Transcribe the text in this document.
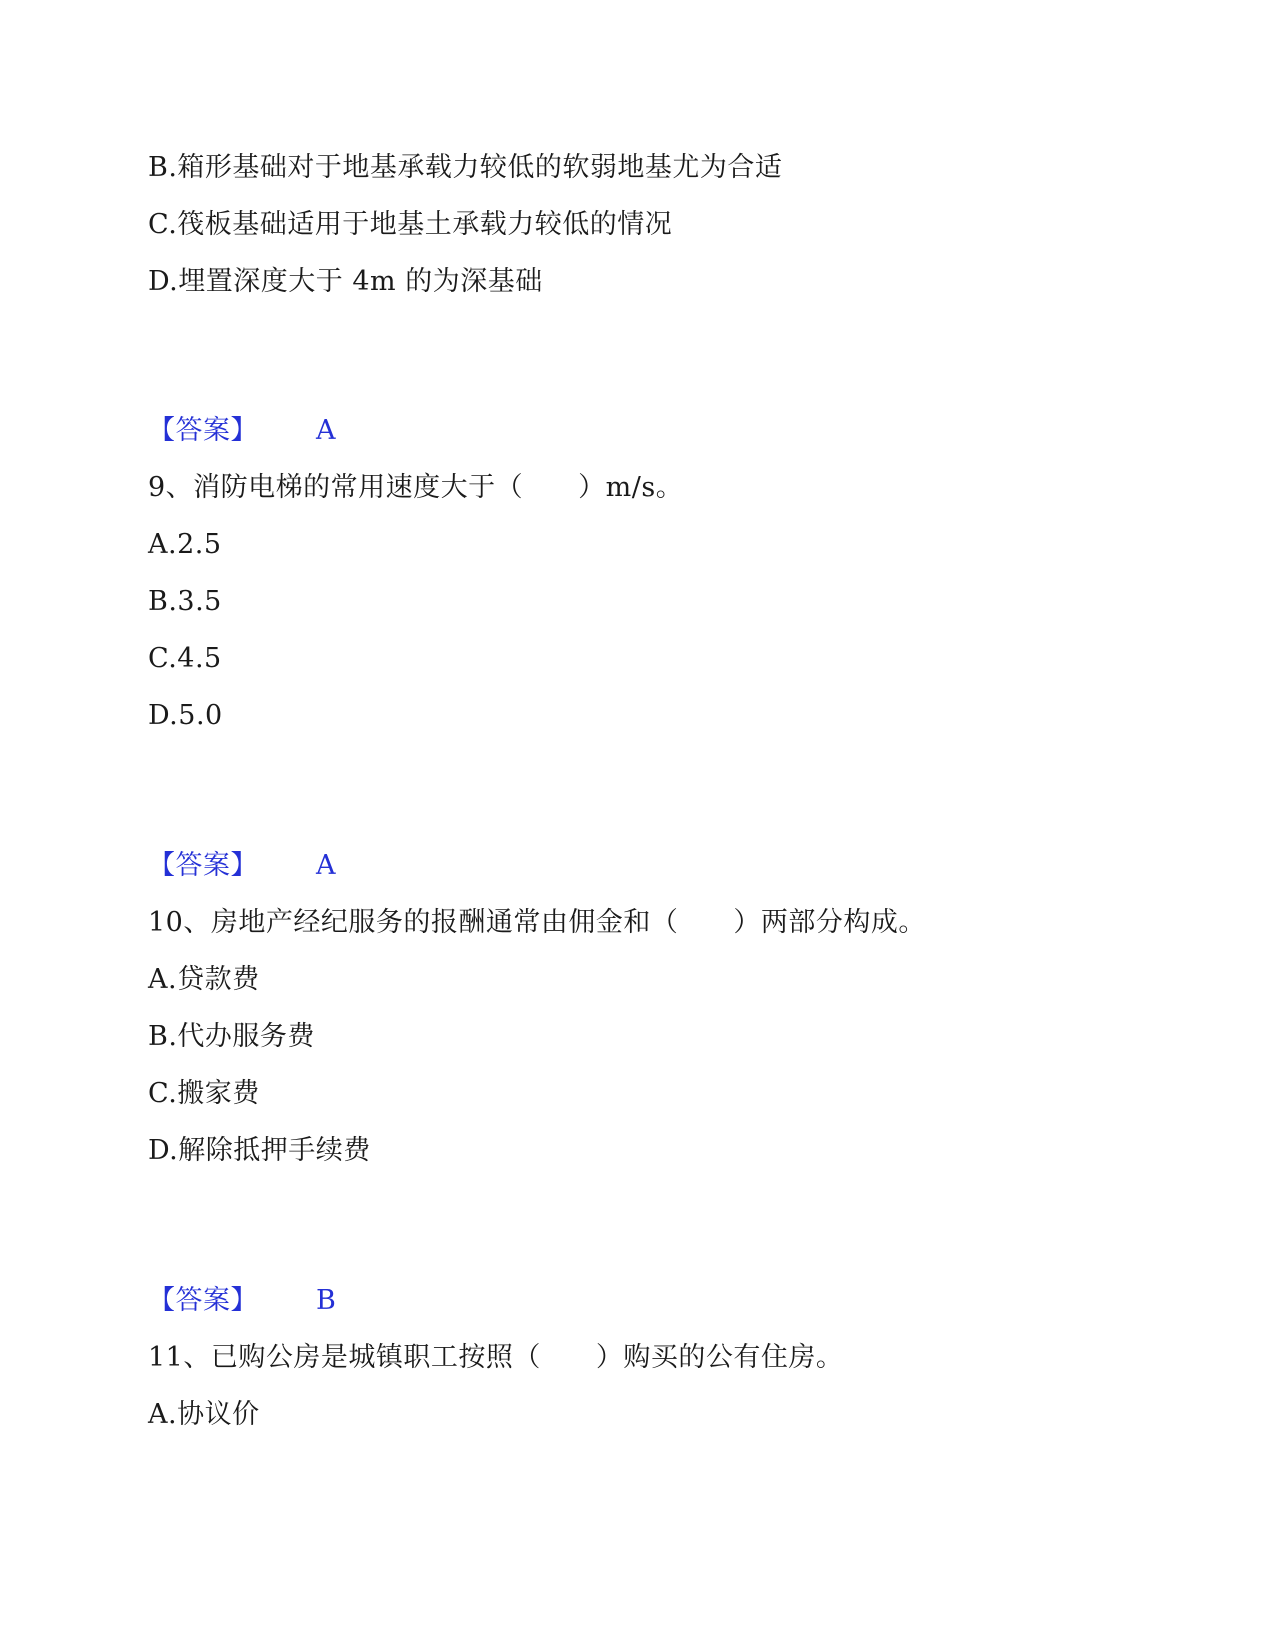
B.箱形基础对于地基承载力较低的软弱地基尤为合适
C.筏板基础适用于地基土承载力较低的情况
D.埋置深度大于 4m 的为深基础
【答案】 A
9、消防电梯的常用速度大于（　　）m/s。
A.2.5
B.3.5
C.4.5
D.5.0
【答案】 A
10、房地产经纪服务的报酬通常由佣金和（　　）两部分构成。
A.贷款费
B.代办服务费
C.搬家费
D.解除抵押手续费
【答案】 B
11、已购公房是城镇职工按照（　　）购买的公有住房。
A.协议价
